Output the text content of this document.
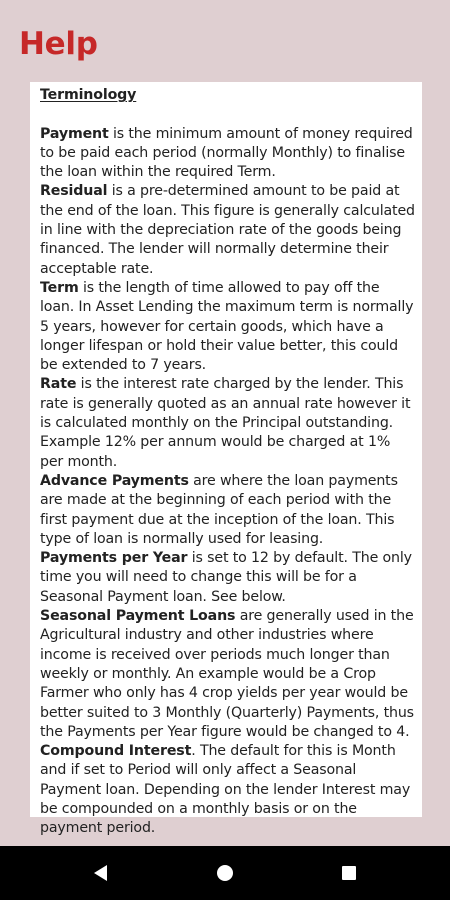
Help
Terminology

Payment is the minimum amount of money required to be paid each period (normally Monthly) to finalise the loan within the required Term.

Residual is a pre-determined amount to be paid at the end of the loan. This figure is generally calculated in line with the depreciation rate of the goods being financed. The lender will normally determine their acceptable rate.

Term is the length of time allowed to pay off the loan. In Asset Lending the maximum term is normally 5 years, however for certain goods, which have a longer lifespan or hold their value better, this could be extended to 7 years.

Rate is the interest rate charged by the lender. This rate is generally quoted as an annual rate however it is calculated monthly on the Principal outstanding. Example 12% per annum would be charged at 1% per month.

Advance Payments are where the loan payments are made at the beginning of each period with the first payment due at the inception of the loan. This type of loan is normally used for leasing.

Payments per Year is set to 12 by default. The only time you will need to change this will be for a Seasonal Payment loan. See below.

Seasonal Payment Loans are generally used in the Agricultural industry and other industries where income is received over periods much longer than weekly or monthly. An example would be a Crop Farmer who only has 4 crop yields per year would be better suited to 3 Monthly (Quarterly) Payments, thus the Payments per Year figure would be changed to 4.

Compound Interest. The default for this is Month and if set to Period will only affect a Seasonal Payment loan. Depending on the lender Interest may be compounded on a monthly basis or on the payment period.
